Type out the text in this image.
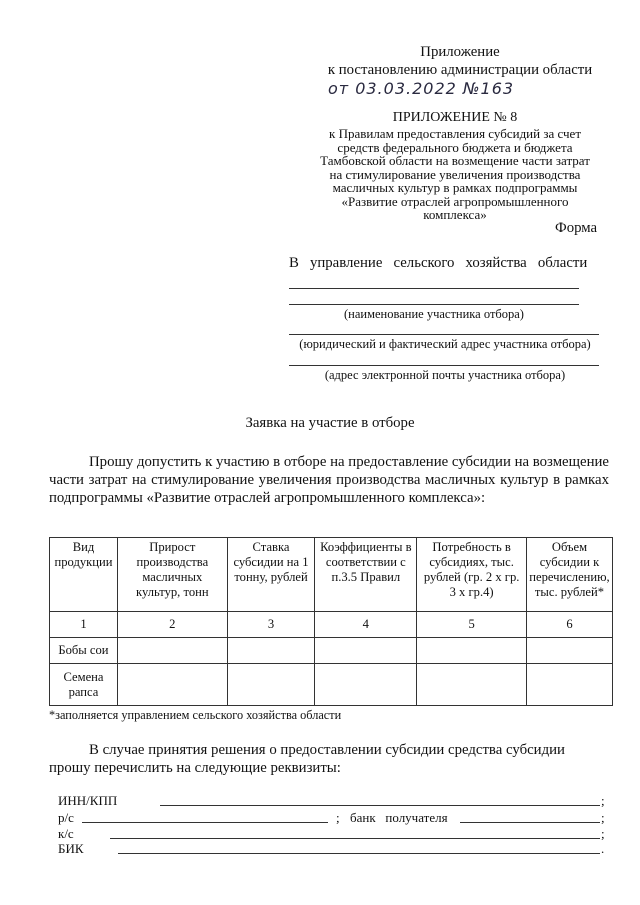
Приложение
к постановлению администрации области
от 03.03.2022 №163
ПРИЛОЖЕНИЕ № 8
к Правилам предоставления субсидий за счет
средств федерального бюджета и бюджета
Тамбовской области на возмещение части затрат
на стимулирование увеличения производства
масличных культур в рамках подпрограммы
«Развитие отраслей агропромышленного
комплекса»
Форма
В   управление   сельского   хозяйства   области
(наименование участника отбора)
(юридический и фактический адрес участника отбора)
(адрес электронной почты участника отбора)
Заявка на участие в отборе
Прошу допустить к участию в отборе на предоставление субсидии на возмещение части затрат на стимулирование увеличения производства масличных культур в рамках подпрограммы «Развитие отраслей агропромышленного комплекса»:
Вид продукции	Прирост производства масличных культур, тонн	Ставка субсидии на 1 тонну, рублей	Коэффициенты в соответствии с п.3.5 Правил	Потребность в субсидиях, тыс. рублей (гр. 2 х гр. 3 х гр.4)	Объем субсидии к перечислению, тыс. рублей*
1	2	3	4	5	6
Бобы сои					
Семена рапса					
*заполняется управлением сельского хозяйства области
В случае принятия решения о предоставлении субсидии средства субсидии прошу перечислить на следующие реквизиты:
ИНН/КПП	;
р/с	; банк   получателя	;
к/с	;
БИК	.
